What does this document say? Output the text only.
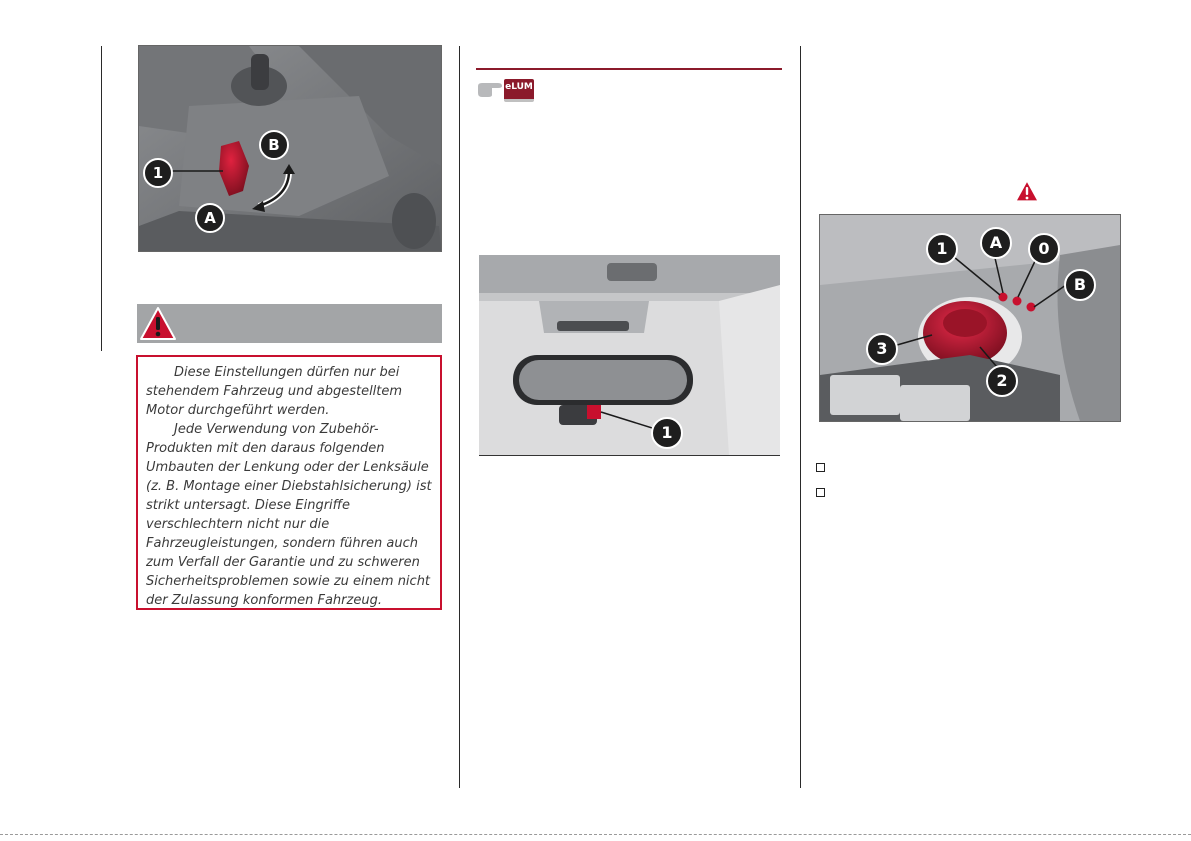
1
A
B

Diese Einstellungen dürfen nur bei stehendem Fahrzeug und abgestelltem Motor durchgeführt werden.

Jede Verwendung von Zubehör-Produkten mit den daraus folgenden Umbauten der Lenkung oder der Lenksäule (z. B. Montage einer Diebstahlsicherung) ist strikt untersagt. Diese Eingriffe verschlechtern nicht nur die Fahrzeugleistungen, sondern führen auch zum Verfall der Garantie und zu schweren Sicherheitsproblemen sowie zu einem nicht der Zulassung konformen Fahrzeug.

eLUM
1
1	A	0
B
3
2
